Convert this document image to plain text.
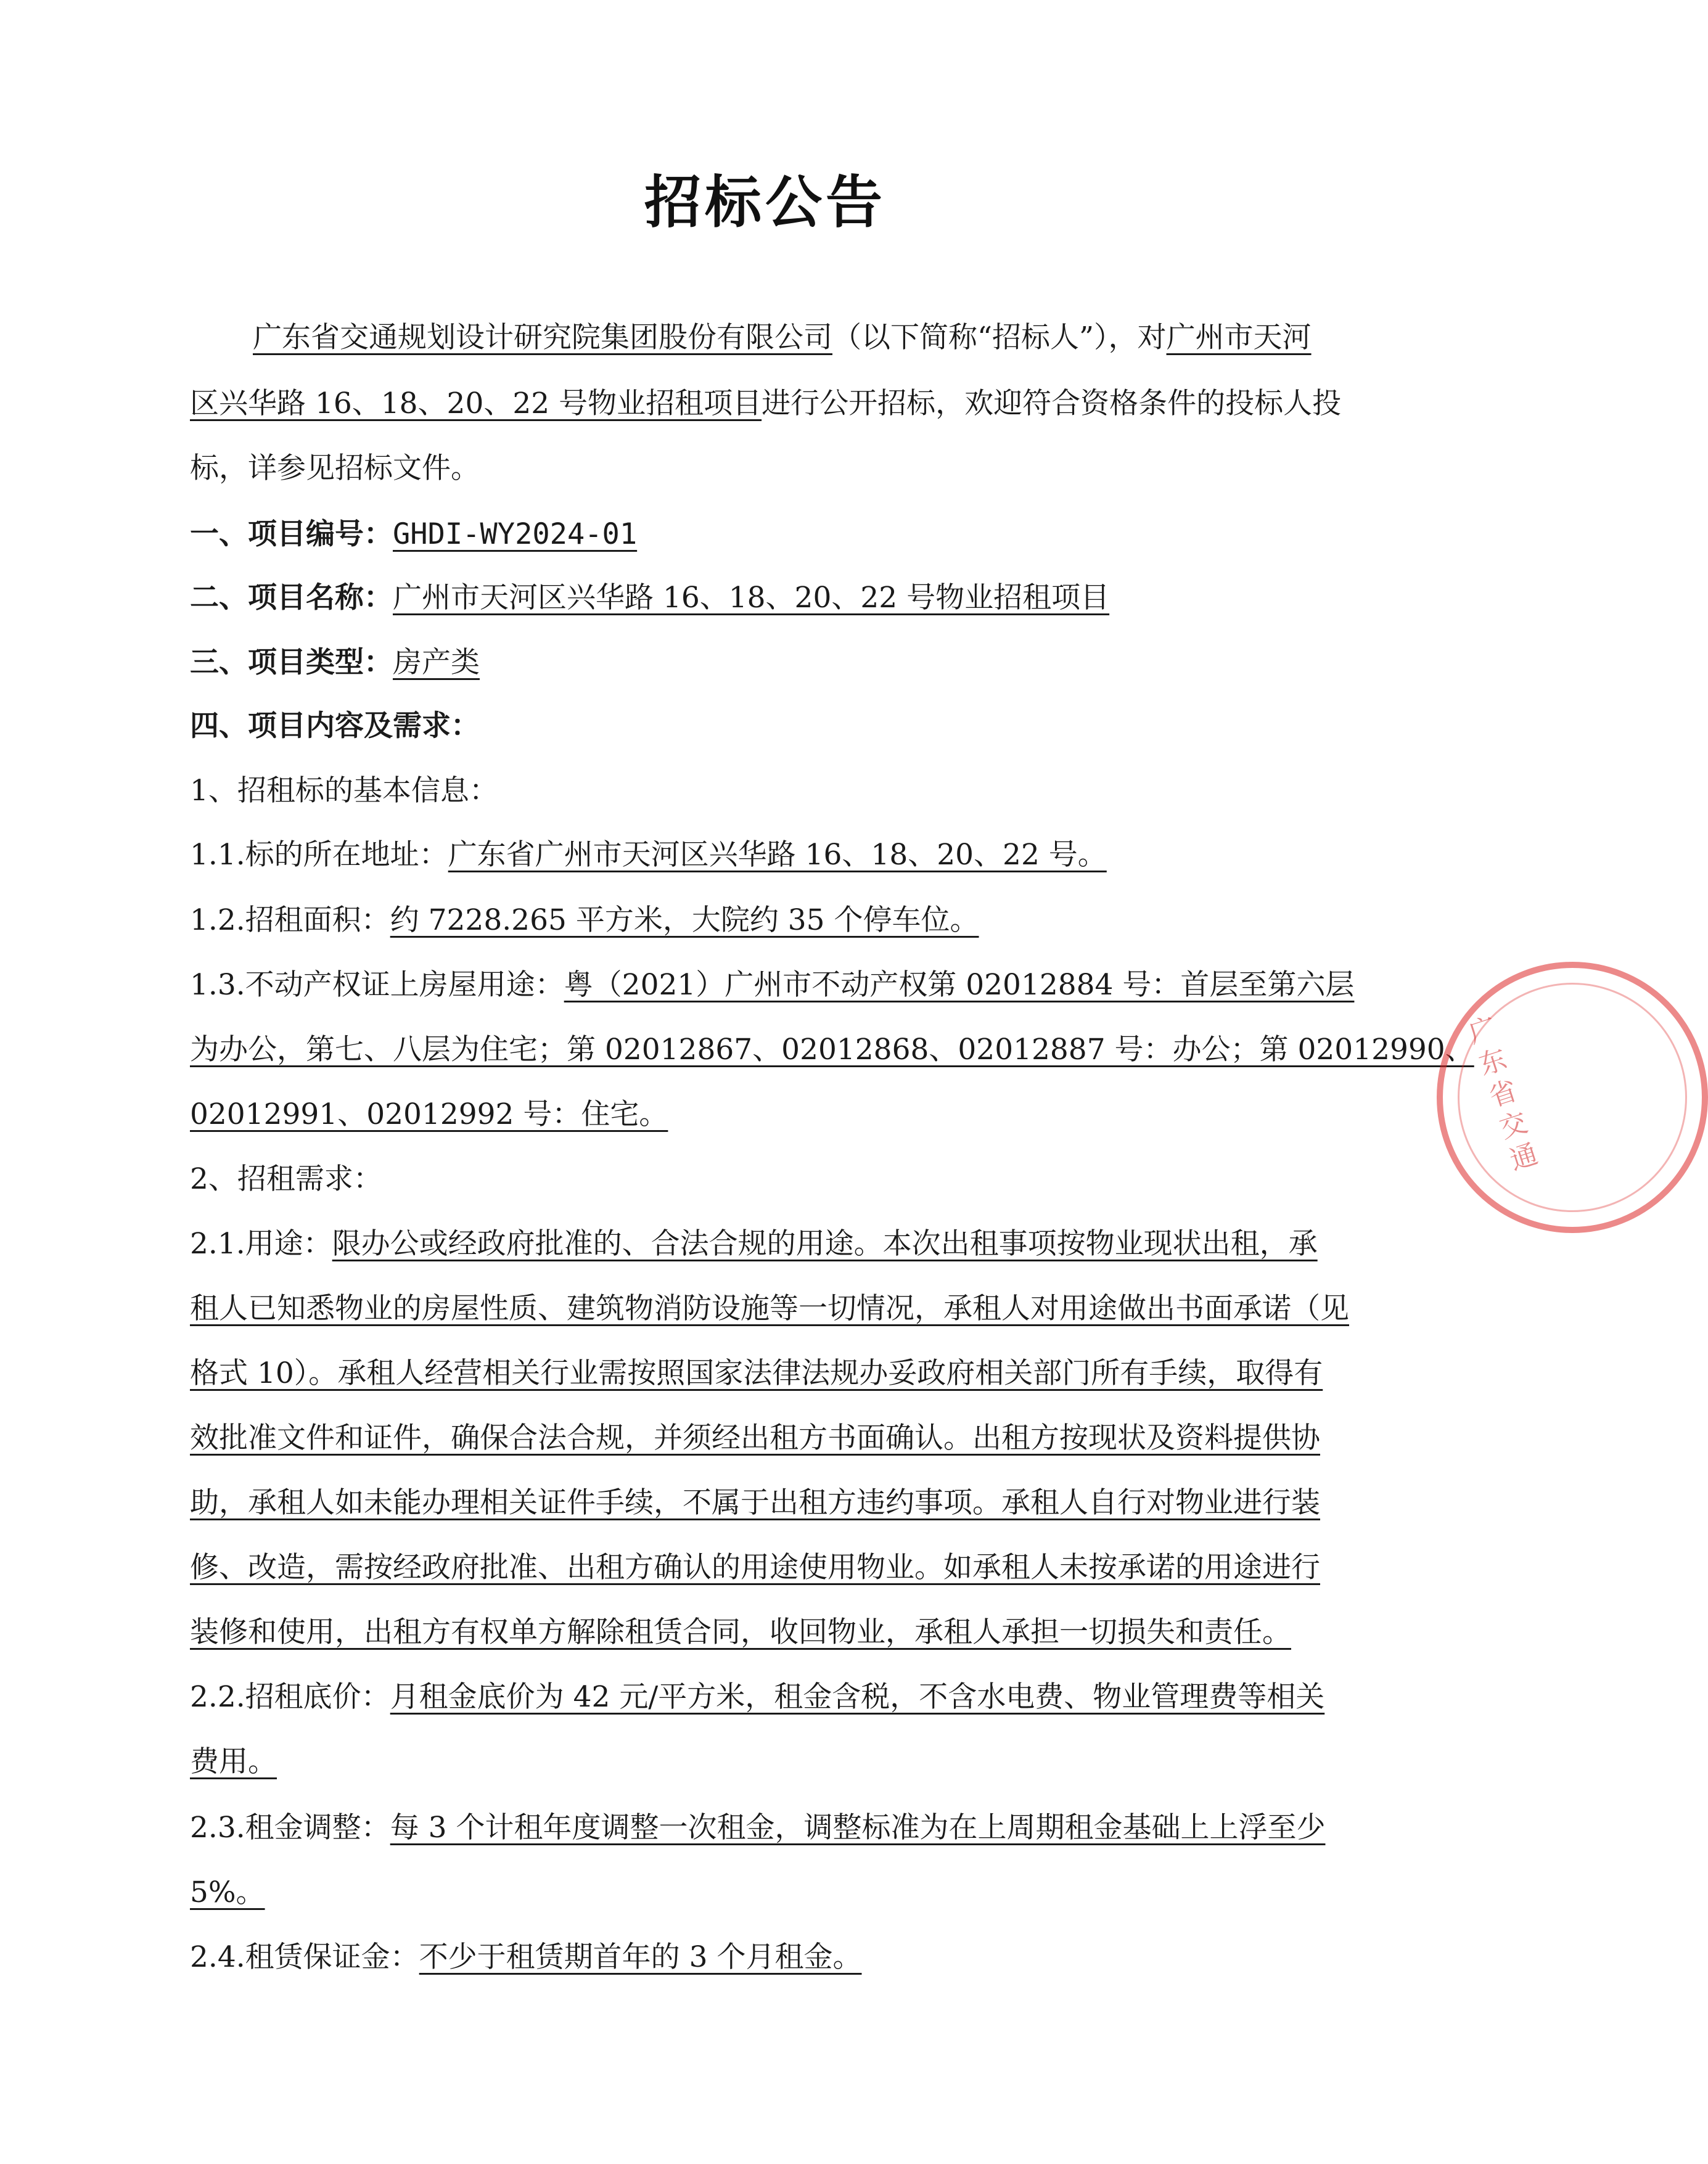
招标公告
广东省交通规划设计研究院集团股份有限公司（以下简称“招标人”），对广州市天河
区兴华路 16、18、20、22 号物业招租项目进行公开招标，欢迎符合资格条件的投标人投
标，详参见招标文件。
一、项目编号：GHDI-WY2024-01
二、项目名称：广州市天河区兴华路 16、18、20、22 号物业招租项目
三、项目类型：房产类
四、项目内容及需求：
1、招租标的基本信息：
1.1.标的所在地址：广东省广州市天河区兴华路 16、18、20、22 号。
1.2.招租面积：约 7228.265 平方米，大院约 35 个停车位。
1.3.不动产权证上房屋用途：粤（2021）广州市不动产权第 02012884 号：首层至第六层
为办公，第七、八层为住宅；第 02012867、02012868、02012887 号：办公；第 02012990、
02012991、02012992 号：住宅。
2、招租需求：
2.1.用途：限办公或经政府批准的、合法合规的用途。本次出租事项按物业现状出租，承
租人已知悉物业的房屋性质、建筑物消防设施等一切情况，承租人对用途做出书面承诺（见
格式 10）。承租人经营相关行业需按照国家法律法规办妥政府相关部门所有手续，取得有
效批准文件和证件，确保合法合规，并须经出租方书面确认。出租方按现状及资料提供协
助，承租人如未能办理相关证件手续，不属于出租方违约事项。承租人自行对物业进行装
修、改造，需按经政府批准、出租方确认的用途使用物业。如承租人未按承诺的用途进行
装修和使用，出租方有权单方解除租赁合同，收回物业，承租人承担一切损失和责任。
2.2.招租底价：月租金底价为 42 元/平方米，租金含税，不含水电费、物业管理费等相关
费用。
2.3.租金调整：每 3 个计租年度调整一次租金，调整标准为在上周期租金基础上上浮至少
5%。
2.4.租赁保证金：不少于租赁期首年的 3 个月租金。
广
东
省
交
通
